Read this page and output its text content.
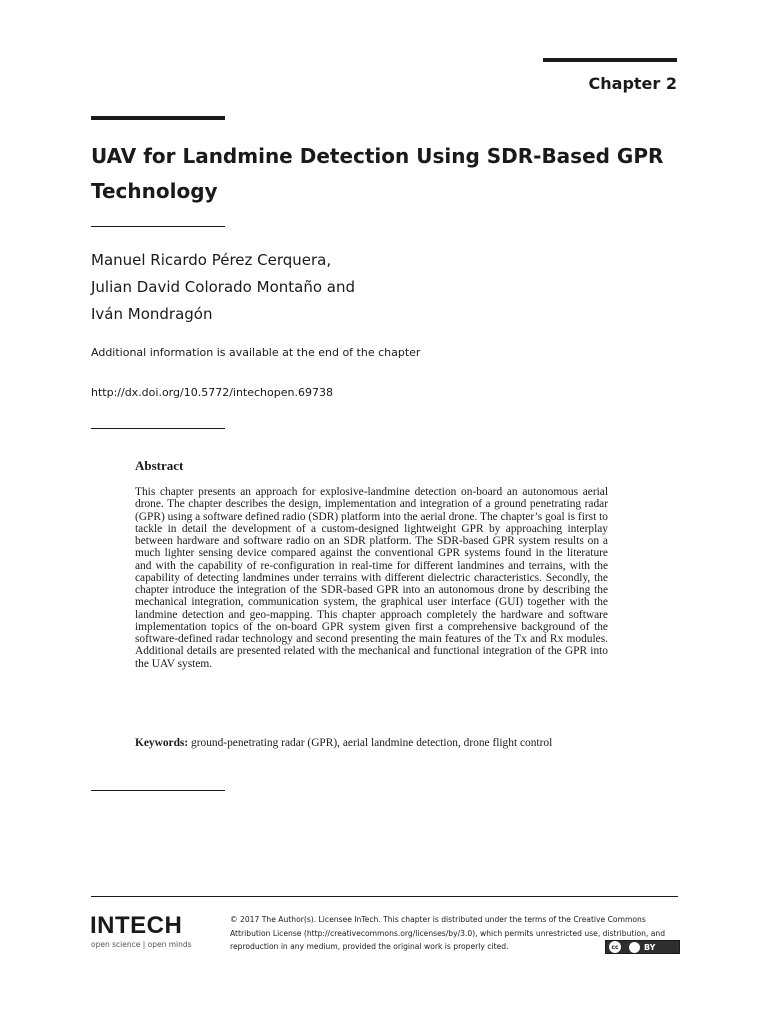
Chapter 2
UAV for Landmine Detection Using SDR-Based GPR Technology
Manuel Ricardo Pérez Cerquera,
Julian David Colorado Montaño and
Iván Mondragón
Additional information is available at the end of the chapter
http://dx.doi.org/10.5772/intechopen.69738
Abstract
This chapter presents an approach for explosive-landmine detection on-board an autonomous aerial drone. The chapter describes the design, implementation and integration of a ground penetrating radar (GPR) using a software defined radio (SDR) platform into the aerial drone. The chapter’s goal is first to tackle in detail the development of a custom-designed lightweight GPR by approaching interplay between hardware and software radio on an SDR platform. The SDR-based GPR system results on a much lighter sensing device compared against the conventional GPR systems found in the literature and with the capability of re-configuration in real-time for different landmines and terrains, with the capability of detecting landmines under terrains with different dielectric characteristics. Secondly, the chapter introduce the integration of the SDR-based GPR into an autonomous drone by describing the mechanical integration, communication system, the graphical user interface (GUI) together with the landmine detection and geo-mapping. This chapter approach completely the hardware and software implementation topics of the on-board GPR system given first a comprehensive background of the software-defined radar technology and second presenting the main features of the Tx and Rx modules. Additional details are presented related with the mechanical and functional integration of the GPR into the UAV system.
Keywords: ground-penetrating radar (GPR), aerial landmine detection, drone flight control
INTECH
open science | open minds
© 2017 The Author(s). Licensee InTech. This chapter is distributed under the terms of the Creative Commons Attribution License (http://creativecommons.org/licenses/by/3.0), which permits unrestricted use, distribution, and reproduction in any medium, provided the original work is properly cited.	cc	BY
